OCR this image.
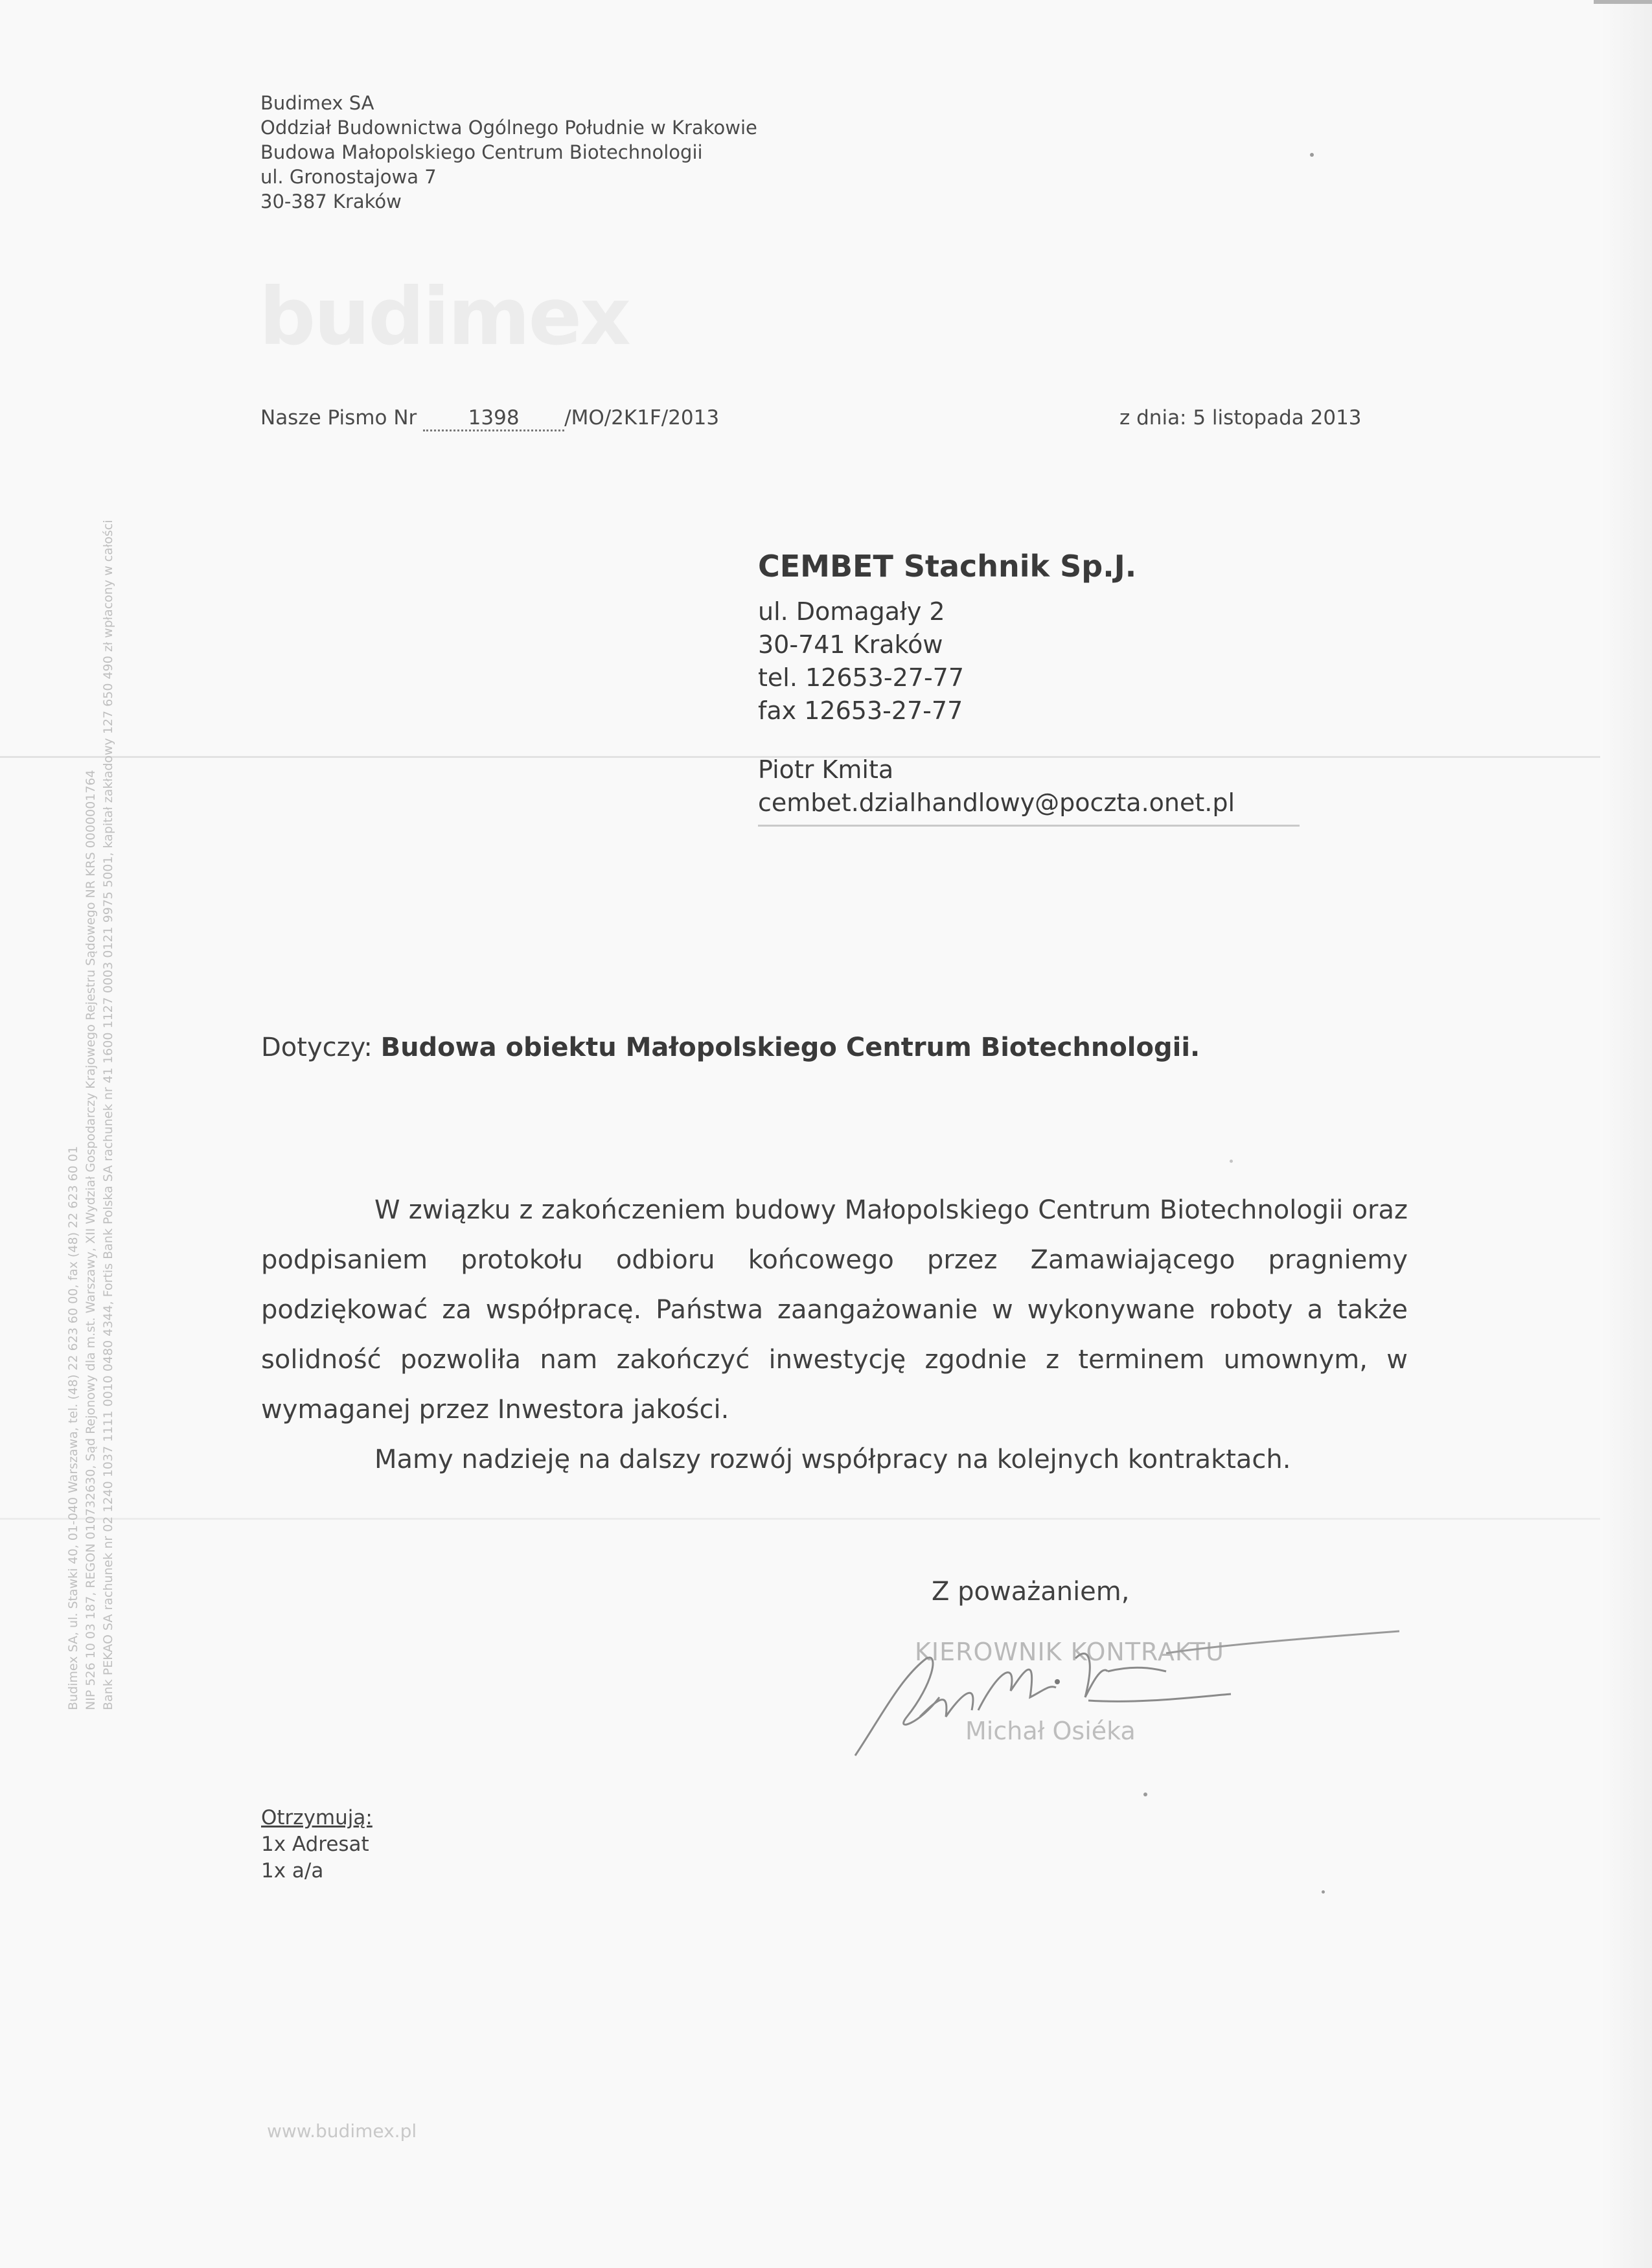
Budimex SA
Oddział Budownictwa Ogólnego Południe w Krakowie
Budowa Małopolskiego Centrum Biotechnologii
ul. Gronostajowa 7
30-387 Kraków
budimex
Nasze Pismo Nr	1398 /MO/2K1F/2013	z dnia: 5 listopada 2013
CEMBET Stachnik Sp.J.
ul. Domagały 2
30-741 Kraków
tel. 12653-27-77
fax 12653-27-77
Piotr Kmita
cembet.dzialhandlowy@poczta.onet.pl
Dotyczy: Budowa obiektu Małopolskiego Centrum Biotechnologii.

W związku z zakończeniem budowy Małopolskiego Centrum Biotechnologii oraz podpisaniem protokołu odbioru końcowego przez Zamawiającego pragniemy podziękować za współpracę. Państwa zaangażowanie w wykonywane roboty a także solidność pozwoliła nam zakończyć inwestycję zgodnie z terminem umownym, w wymaganej przez Inwestora jakości.

Mamy nadzieję na dalszy rozwój współpracy na kolejnych kontraktach.

Z poważaniem,
KIEROWNIK KONTRAKTU
Michał Osiéka
Otrzymują:
1x Adresat
1x a/a
Budimex SA, ul. Stawki 40, 01-040 Warszawa, tel. (48) 22 623 60 00, fax (48) 22 623 60 01 NIP 526 10 03 187, REGON 010732630, Sąd Rejonowy dla m.st. Warszawy, XII Wydział Gospodarczy Krajowego Rejestru Sądowego NR KRS 0000001764 Bank PEKAO SA rachunek nr 02 1240 1037 1111 0010 0480 4344, Fortis Bank Polska SA rachunek nr 41 1600 1127 0003 0121 9975 5001, kapitał zakładowy 127 650 490 zł wpłacony w całości
www.budimex.pl
